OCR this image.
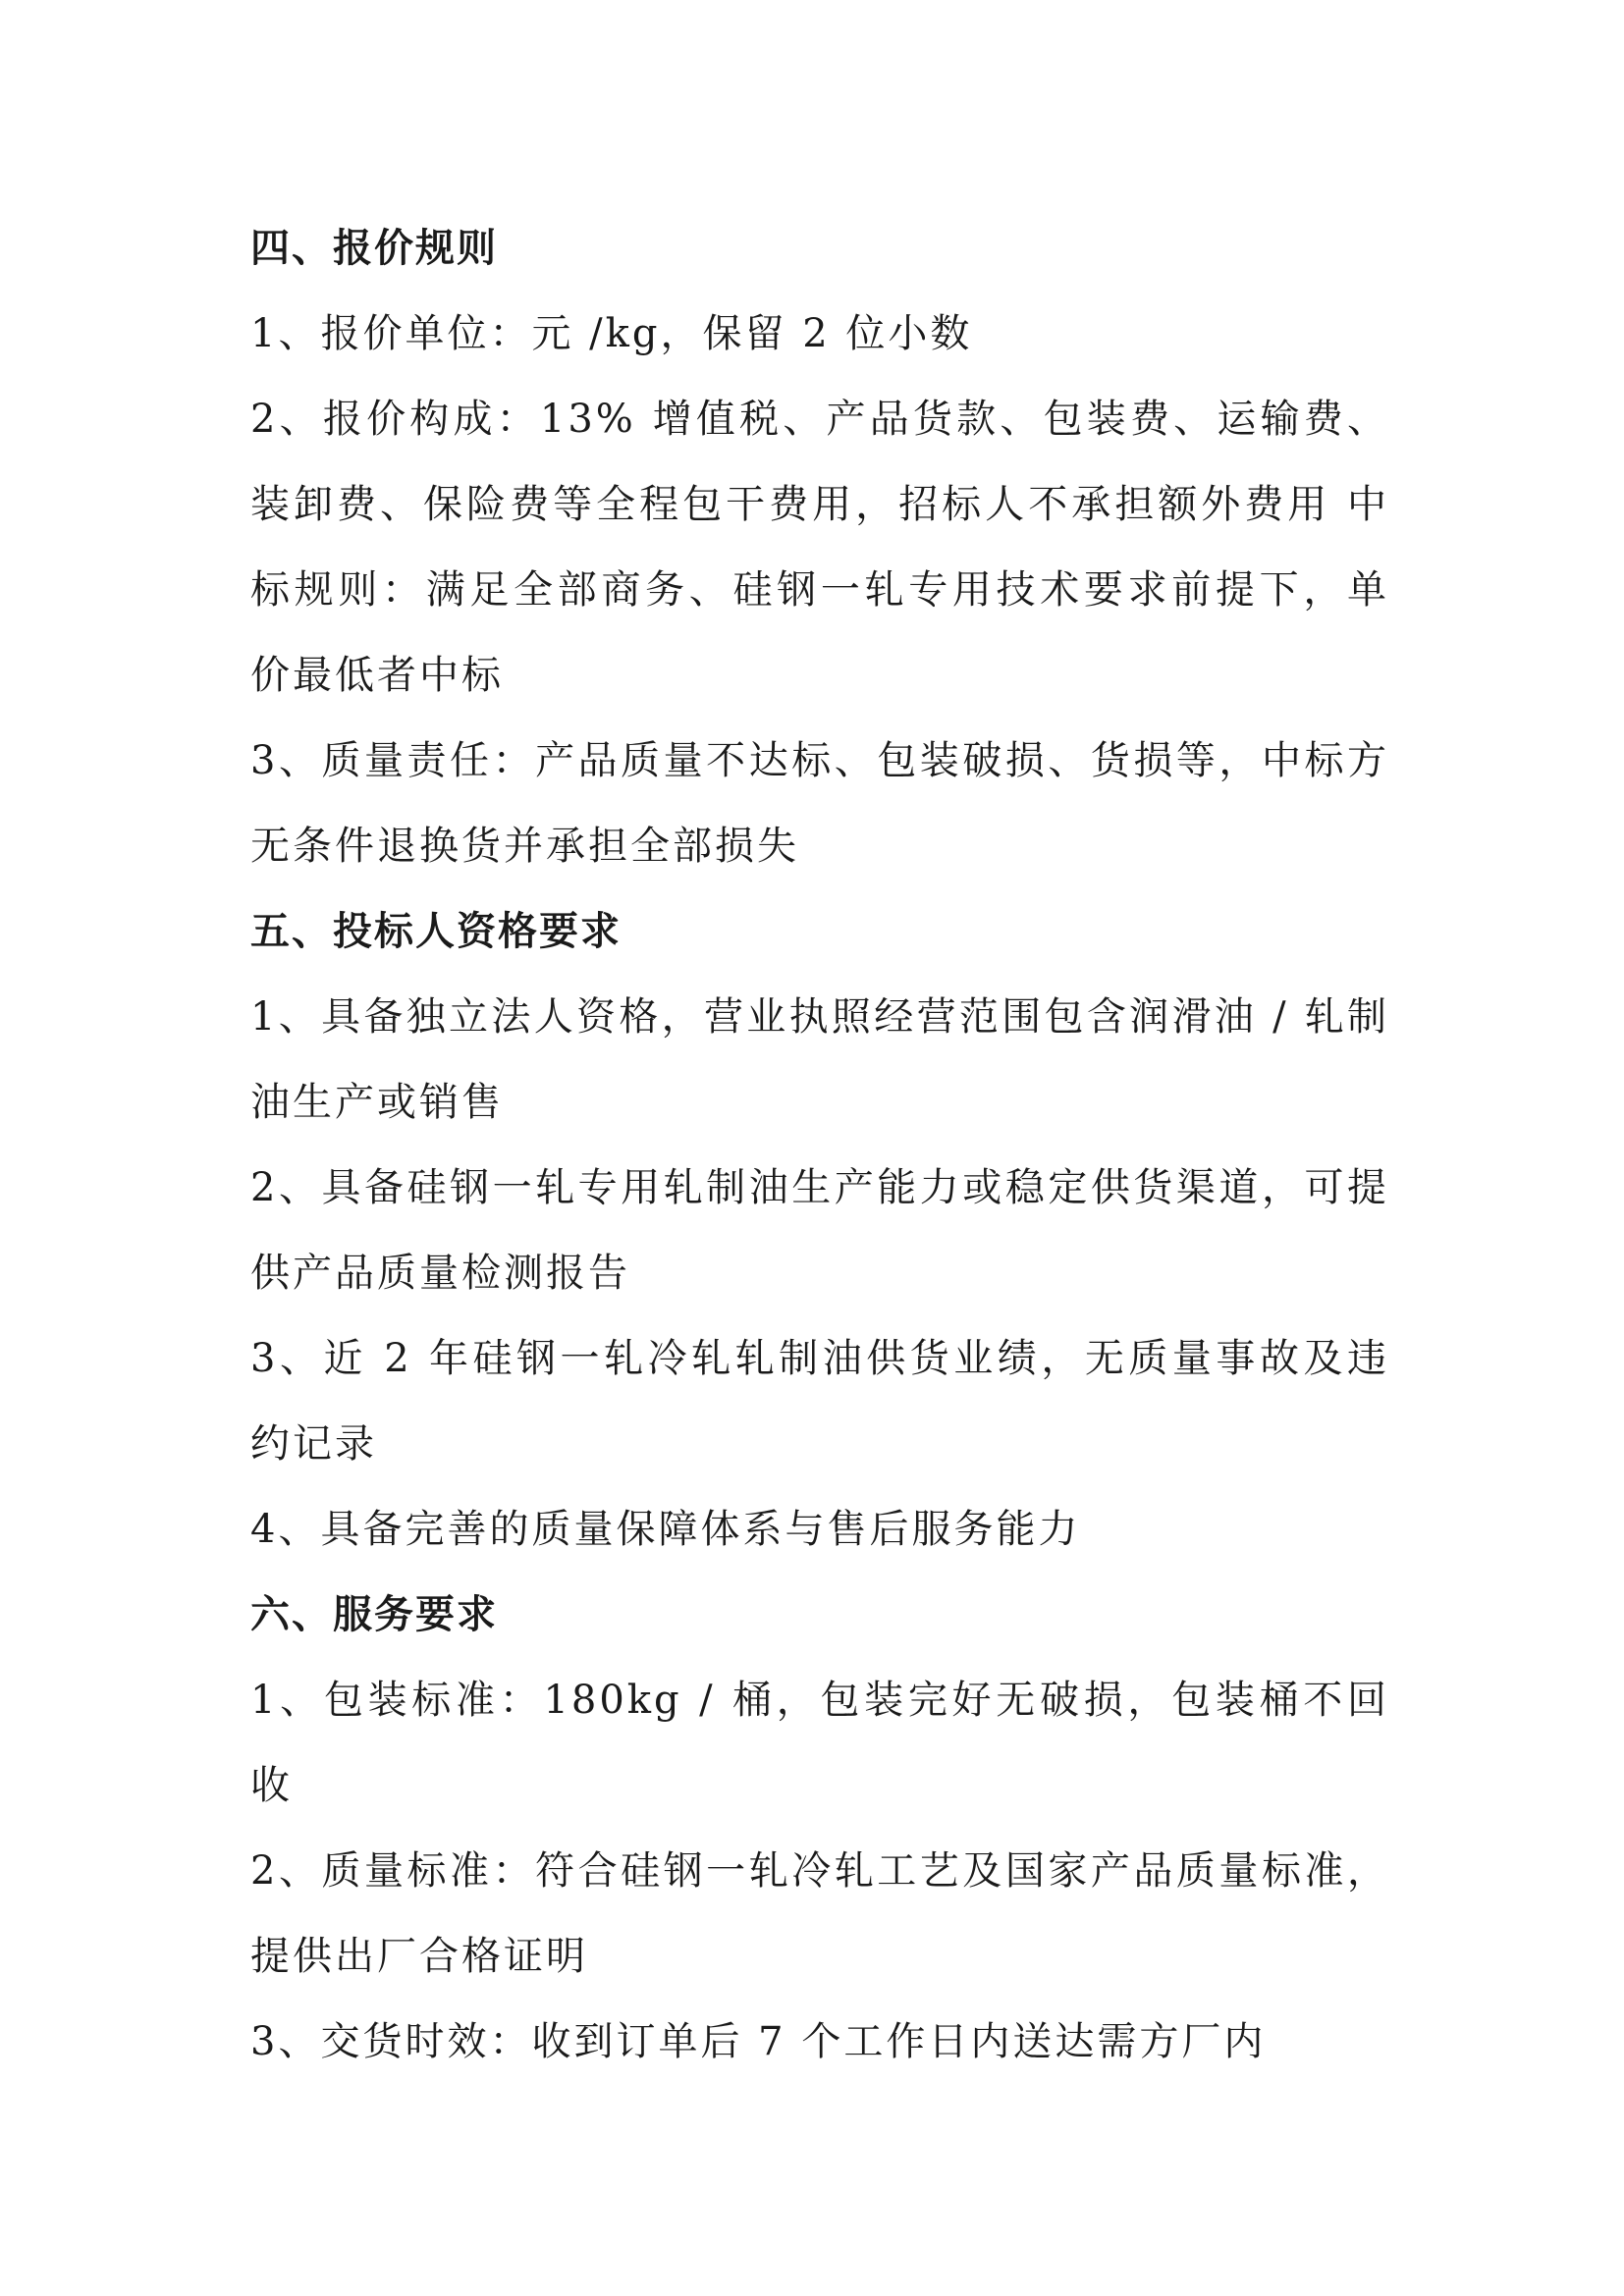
四、报价规则

1、报价单位：元 /kg，保留 2 位小数

2、报价构成：13% 增值税、产品货款、包装费、运输费、装卸费、保险费等全程包干费用，招标人不承担额外费用 中标规则：满足全部商务、硅钢一轧专用技术要求前提下，单价最低者中标

3、质量责任：产品质量不达标、包装破损、货损等，中标方无条件退换货并承担全部损失

五、投标人资格要求

1、具备独立法人资格，营业执照经营范围包含润滑油 / 轧制油生产或销售

2、具备硅钢一轧专用轧制油生产能力或稳定供货渠道，可提供产品质量检测报告

3、近 2 年硅钢一轧冷轧轧制油供货业绩，无质量事故及违约记录

4、具备完善的质量保障体系与售后服务能力

六、服务要求

1、包装标准：180kg / 桶，包装完好无破损，包装桶不回收

2、质量标准：符合硅钢一轧冷轧工艺及国家产品质量标准，提供出厂合格证明

3、交货时效：收到订单后 7 个工作日内送达需方厂内
